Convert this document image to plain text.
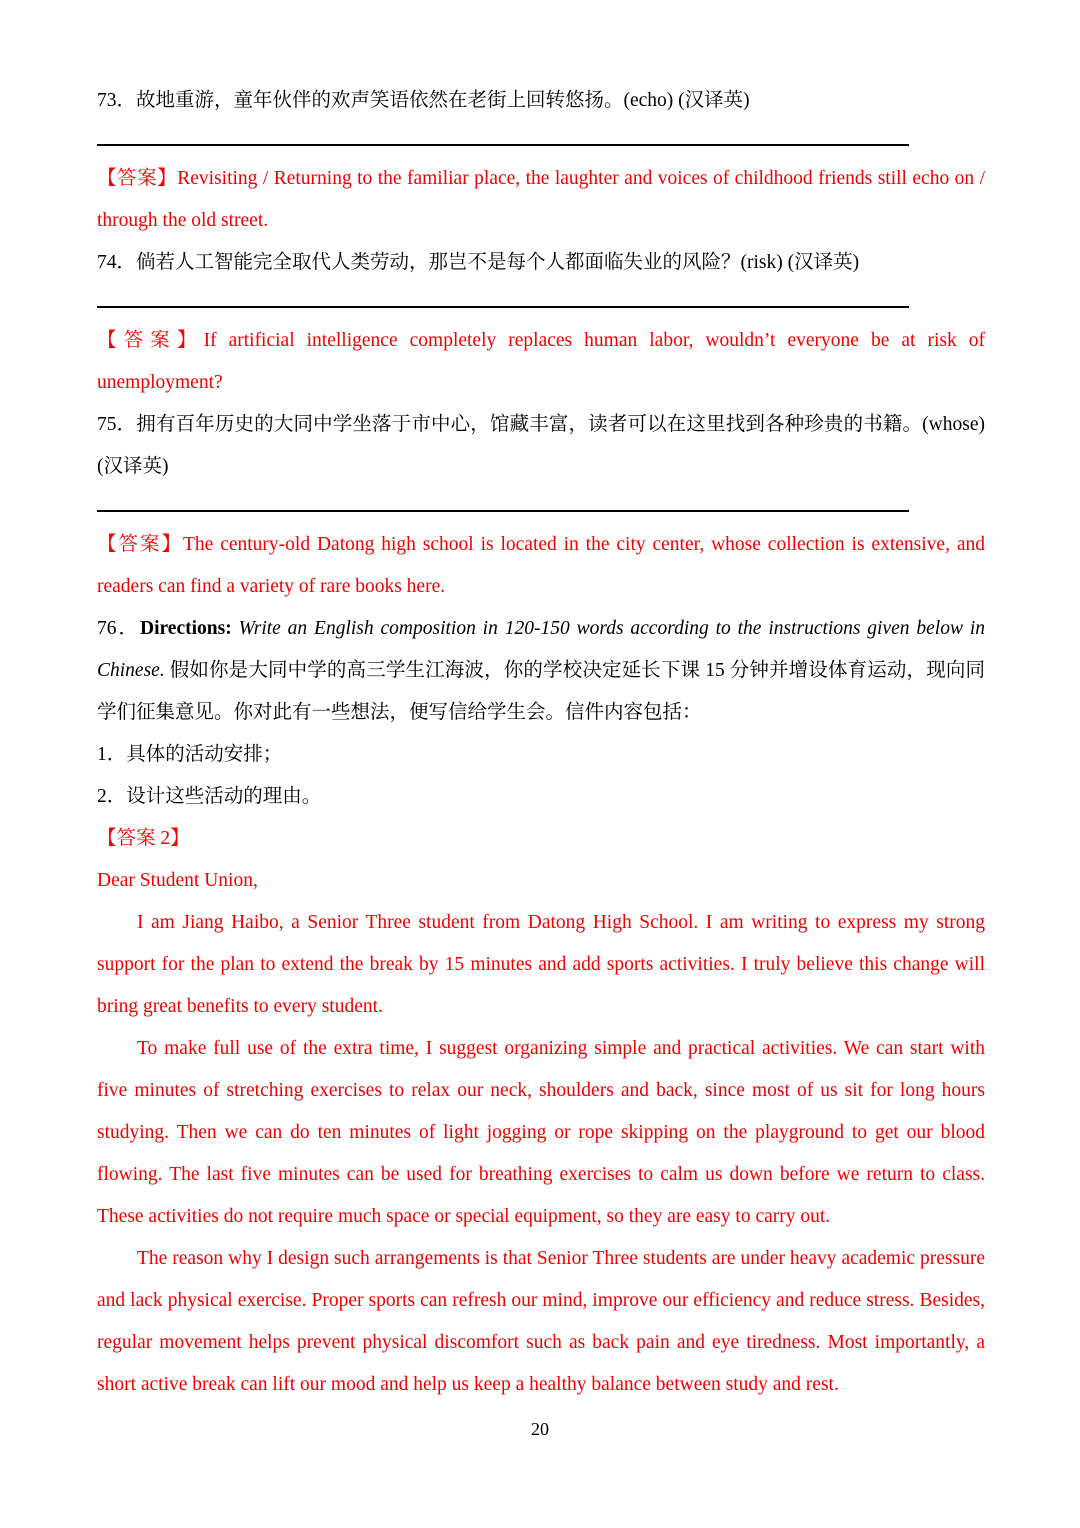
73．故地重游，童年伙伴的欢声笑语依然在老街上回转悠扬。(echo) (汉译英)

【答案】Revisiting / Returning to the familiar place, the laughter and voices of childhood friends still echo on / through the old street.

74．倘若人工智能完全取代人类劳动，那岂不是每个人都面临失业的风险？(risk) (汉译英)

【答案】If artificial intelligence completely replaces human labor, wouldn’t everyone be at risk of unemployment?

75．拥有百年历史的大同中学坐落于市中心，馆藏丰富，读者可以在这里找到各种珍贵的书籍。(whose) (汉译英)

【答案】The century-old Datong high school is located in the city center, whose collection is extensive, and readers can find a variety of rare books here.

76．Directions: Write an English composition in 120-150 words according to the instructions given below in Chinese. 假如你是大同中学的高三学生江海波，你的学校决定延长下课 15 分钟并增设体育运动，现向同学们征集意见。你对此有一些想法，便写信给学生会。信件内容包括：

1．具体的活动安排；

2．设计这些活动的理由。

【答案 2】

Dear Student Union,

I am Jiang Haibo, a Senior Three student from Datong High School. I am writing to express my strong support for the plan to extend the break by 15 minutes and add sports activities. I truly believe this change will bring great benefits to every student.

To make full use of the extra time, I suggest organizing simple and practical activities. We can start with five minutes of stretching exercises to relax our neck, shoulders and back, since most of us sit for long hours studying. Then we can do ten minutes of light jogging or rope skipping on the playground to get our blood flowing. The last five minutes can be used for breathing exercises to calm us down before we return to class. These activities do not require much space or special equipment, so they are easy to carry out.

The reason why I design such arrangements is that Senior Three students are under heavy academic pressure and lack physical exercise. Proper sports can refresh our mind, improve our efficiency and reduce stress. Besides, regular movement helps prevent physical discomfort such as back pain and eye tiredness. Most importantly, a short active break can lift our mood and help us keep a healthy balance between study and rest.

20
